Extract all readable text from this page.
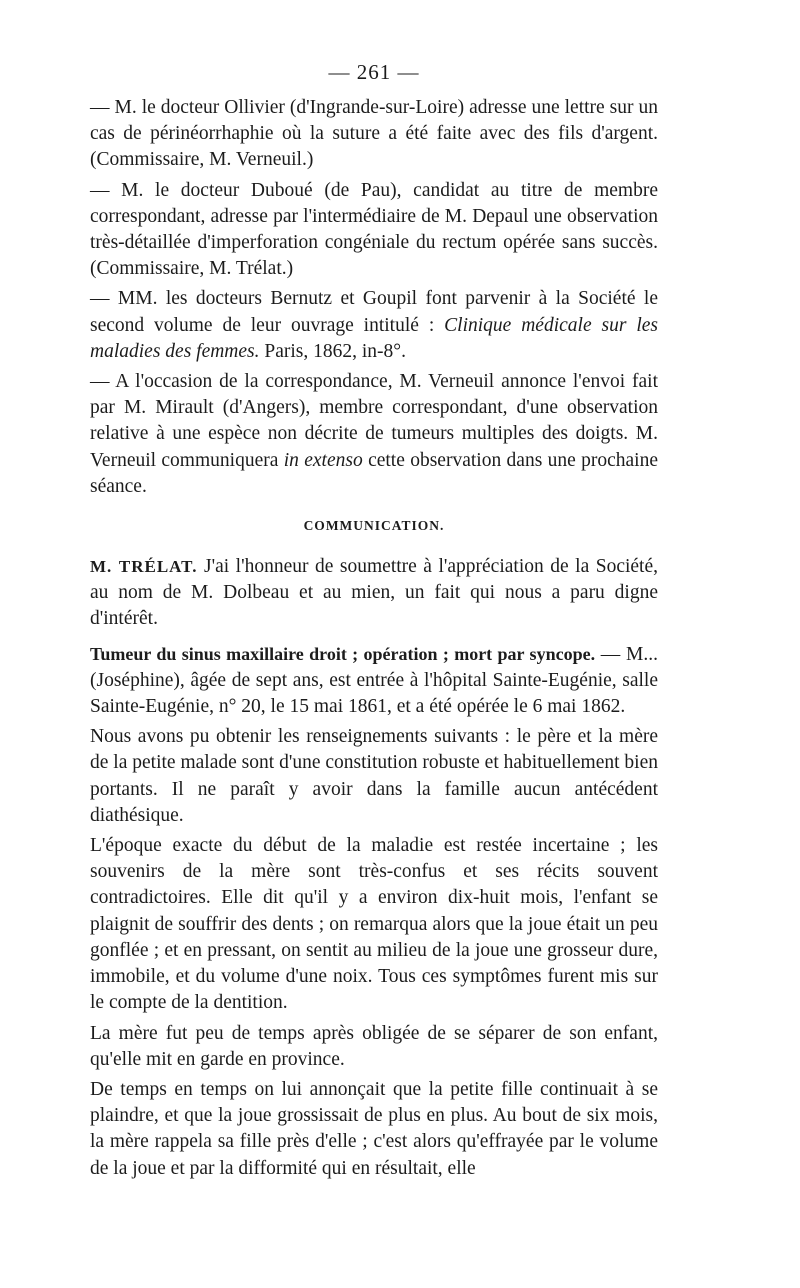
— 261 —

— M. le docteur Ollivier (d'Ingrande-sur-Loire) adresse une lettre sur un cas de périnéorrhaphie où la suture a été faite avec des fils d'argent. (Commissaire, M. Verneuil.)

— M. le docteur Duboué (de Pau), candidat au titre de membre correspondant, adresse par l'intermédiaire de M. Depaul une observation très-détaillée d'imperforation congéniale du rectum opérée sans succès. (Commissaire, M. Trélat.)

— MM. les docteurs Bernutz et Goupil font parvenir à la Société le second volume de leur ouvrage intitulé : Clinique médicale sur les maladies des femmes. Paris, 1862, in-8°.

— A l'occasion de la correspondance, M. Verneuil annonce l'envoi fait par M. Mirault (d'Angers), membre correspondant, d'une observation relative à une espèce non décrite de tumeurs multiples des doigts. M. Verneuil communiquera in extenso cette observation dans une prochaine séance.

COMMUNICATION.

M. TRÉLAT. J'ai l'honneur de soumettre à l'appréciation de la Société, au nom de M. Dolbeau et au mien, un fait qui nous a paru digne d'intérêt.

Tumeur du sinus maxillaire droit ; opération ; mort par syncope. — M... (Joséphine), âgée de sept ans, est entrée à l'hôpital Sainte-Eugénie, salle Sainte-Eugénie, n° 20, le 15 mai 1861, et a été opérée le 6 mai 1862.

Nous avons pu obtenir les renseignements suivants : le père et la mère de la petite malade sont d'une constitution robuste et habituellement bien portants. Il ne paraît y avoir dans la famille aucun antécédent diathésique.

L'époque exacte du début de la maladie est restée incertaine ; les souvenirs de la mère sont très-confus et ses récits souvent contradictoires. Elle dit qu'il y a environ dix-huit mois, l'enfant se plaignit de souffrir des dents ; on remarqua alors que la joue était un peu gonflée ; et en pressant, on sentit au milieu de la joue une grosseur dure, immobile, et du volume d'une noix. Tous ces symptômes furent mis sur le compte de la dentition.

La mère fut peu de temps après obligée de se séparer de son enfant, qu'elle mit en garde en province.

De temps en temps on lui annonçait que la petite fille continuait à se plaindre, et que la joue grossissait de plus en plus. Au bout de six mois, la mère rappela sa fille près d'elle ; c'est alors qu'effrayée par le volume de la joue et par la difformité qui en résultait, elle
